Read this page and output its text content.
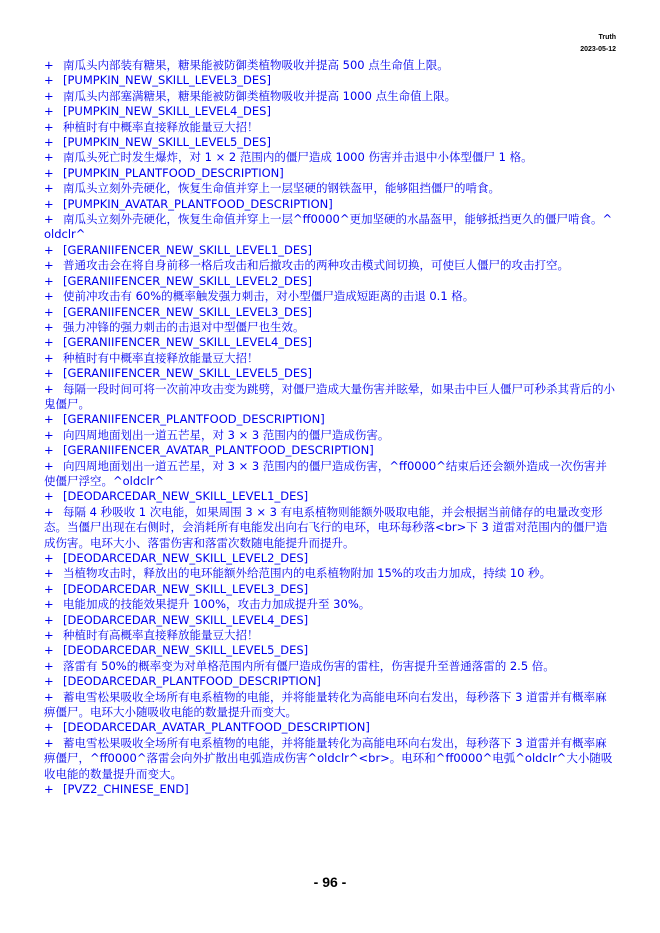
Truth
2023-05-12
+ 南瓜头内部装有糖果，糖果能被防御类植物吸收并提高 500 点生命值上限。
+ [PUMPKIN_NEW_SKILL_LEVEL3_DES]
+ 南瓜头内部塞满糖果，糖果能被防御类植物吸收并提高 1000 点生命值上限。
+ [PUMPKIN_NEW_SKILL_LEVEL4_DES]
+ 种植时有中概率直接释放能量豆大招！
+ [PUMPKIN_NEW_SKILL_LEVEL5_DES]
+ 南瓜头死亡时发生爆炸，对 1 × 2 范围内的僵尸造成 1000 伤害并击退中小体型僵尸 1 格。
+ [PUMPKIN_PLANTFOOD_DESCRIPTION]
+ 南瓜头立刻外壳硬化，恢复生命值并穿上一层坚硬的钢铁盔甲，能够阻挡僵尸的啃食。
+ [PUMPKIN_AVATAR_PLANTFOOD_DESCRIPTION]
+ 南瓜头立刻外壳硬化，恢复生命值并穿上一层^ff0000^更加坚硬的水晶盔甲，能够抵挡更久的僵尸啃食。^oldclr^
+ [GERANIIFENCER_NEW_SKILL_LEVEL1_DES]
+ 普通攻击会在将自身前移一格后攻击和后撤攻击的两种攻击模式间切换，可使巨人僵尸的攻击打空。
+ [GERANIIFENCER_NEW_SKILL_LEVEL2_DES]
+ 使前冲攻击有 60%的概率触发强力刺击，对小型僵尸造成短距离的击退 0.1 格。
+ [GERANIIFENCER_NEW_SKILL_LEVEL3_DES]
+ 强力冲锋的强力刺击的击退对中型僵尸也生效。
+ [GERANIIFENCER_NEW_SKILL_LEVEL4_DES]
+ 种植时有中概率直接释放能量豆大招！
+ [GERANIIFENCER_NEW_SKILL_LEVEL5_DES]
+ 每隔一段时间可将一次前冲攻击变为跳劈，对僵尸造成大量伤害并眩晕，如果击中巨人僵尸可秒杀其背后的小鬼僵尸。
+ [GERANIIFENCER_PLANTFOOD_DESCRIPTION]
+ 向四周地面划出一道五芒星，对 3 × 3 范围内的僵尸造成伤害。
+ [GERANIIFENCER_AVATAR_PLANTFOOD_DESCRIPTION]
+ 向四周地面划出一道五芒星，对 3 × 3 范围内的僵尸造成伤害，^ff0000^结束后还会额外造成一次伤害并使僵尸浮空。^oldclr^
+ [DEODARCEDAR_NEW_SKILL_LEVEL1_DES]
+ 每隔 4 秒吸收 1 次电能，如果周围 3 × 3 有电系植物则能额外吸取电能，并会根据当前储存的电量改变形态。当僵尸出现在右侧时，会消耗所有电能发出向右飞行的电环，电环每秒落<br>下 3 道雷对范围内的僵尸造成伤害。电环大小、落雷伤害和落雷次数随电能提升而提升。
+ [DEODARCEDAR_NEW_SKILL_LEVEL2_DES]
+ 当植物攻击时，释放出的电环能额外给范围内的电系植物附加 15%的攻击力加成，持续 10 秒。
+ [DEODARCEDAR_NEW_SKILL_LEVEL3_DES]
+ 电能加成的技能效果提升 100%，攻击力加成提升至 30%。
+ [DEODARCEDAR_NEW_SKILL_LEVEL4_DES]
+ 种植时有高概率直接释放能量豆大招！
+ [DEODARCEDAR_NEW_SKILL_LEVEL5_DES]
+ 落雷有 50%的概率变为对单格范围内所有僵尸造成伤害的雷柱，伤害提升至普通落雷的 2.5 倍。
+ [DEODARCEDAR_PLANTFOOD_DESCRIPTION]
+ 蓄电雪松果吸收全场所有电系植物的电能，并将能量转化为高能电环向右发出，每秒落下 3 道雷并有概率麻痹僵尸。电环大小随吸收电能的数量提升而变大。
+ [DEODARCEDAR_AVATAR_PLANTFOOD_DESCRIPTION]
+ 蓄电雪松果吸收全场所有电系植物的电能，并将能量转化为高能电环向右发出，每秒落下 3 道雷并有概率麻痹僵尸，^ff0000^落雷会向外扩散出电弧造成伤害^oldclr^<br>。电环和^ff0000^电弧^oldclr^大小随吸收电能的数量提升而变大。
+ [PVZ2_CHINESE_END]
- 96 -
